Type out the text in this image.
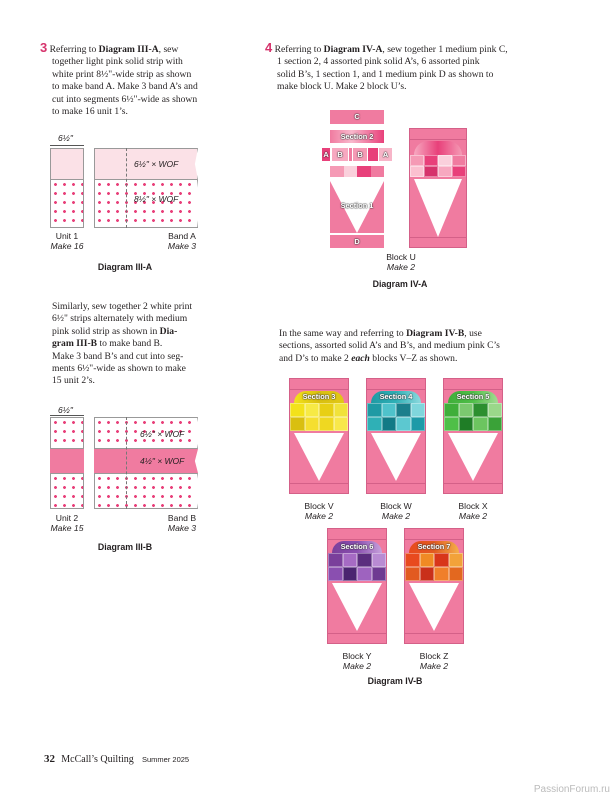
3 Referring to Diagram III-A, sew
together light pink solid strip with
white print 8½"-wide strip as shown
to make band A. Make 3 band A’s and
cut into segments 6½"-wide as shown
to make 16 unit 1’s.
6½"
6½" × WOF
8½" × WOF
Unit 1
Make 16
Band A
Make 3
Diagram III-A
Similarly, sew together 2 white print
6½" strips alternately with medium
pink solid strip as shown in Dia-
gram III-B to make band B.
Make 3 band B’s and cut into seg-
ments 6½"-wide as shown to make
15 unit 2’s.
6½"
6½" × WOF
4½" × WOF
Unit 2
Make 15
Band B
Make 3
Diagram III-B
4 Referring to Diagram IV-A, sew together 1 medium pink C,
1 section 2, 4 assorted pink solid A’s, 6 assorted pink
solid B’s, 1 section 1, and 1 medium pink D as shown to
make block U. Make 2 block U’s.
C
Section 2
A	B	B	A
Section 1
D
Block U
Make 2
Diagram IV-A
In the same way and referring to Diagram IV-B, use
sections, assorted solid A’s and B’s, and medium pink C’s
and D’s to make 2 each blocks V–Z as shown.
Section 3
Block V
Make 2
Section 4
Block W
Make 2
Section 5
Block X
Make 2
Section 6
Block Y
Make 2
Section 7
Block Z
Make 2
Diagram IV-B
32 McCall’s Quilting Summer 2025
PassionForum.ru
